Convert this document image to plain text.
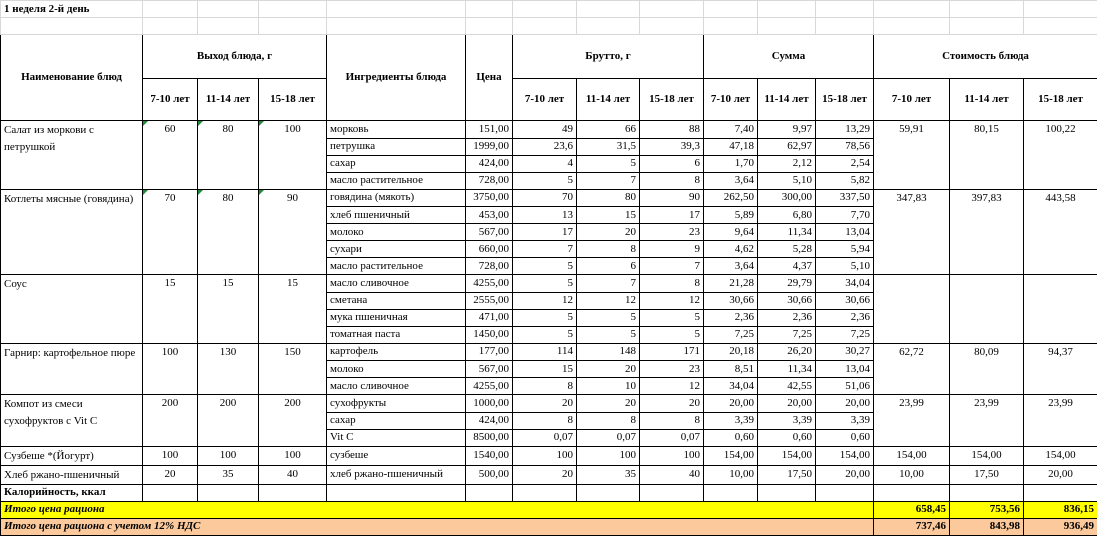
1 неделя 2-й день														

Наименование блюд	Выход блюда, г			Ингредиенты блюда	Цена	Брутто, г			Сумма			Стоимость блюда		
	7-10 лет	11-14 лет	15-18 лет			7-10 лет	11-14 лет	15-18 лет	7-10 лет	11-14 лет	15-18 лет	7-10 лет	11-14 лет	15-18 лет
Салат из моркови с петрушкой	60	80	100	морковь	151,00	49	66	88	7,40	9,97	13,29	59,91	80,15	100,22
				петрушка	1999,00	23,6	31,5	39,3	47,18	62,97	78,56			
				сахар	424,00	4	5	6	1,70	2,12	2,54			
				масло растительное	728,00	5	7	8	3,64	5,10	5,82			
Котлеты мясные (говядина)	70	80	90	говядина (мякоть)	3750,00	70	80	90	262,50	300,00	337,50	347,83	397,83	443,58
				хлеб пшеничный	453,00	13	15	17	5,89	6,80	7,70			
				молоко	567,00	17	20	23	9,64	11,34	13,04			
				сухари	660,00	7	8	9	4,62	5,28	5,94			
				масло растительное	728,00	5	6	7	3,64	4,37	5,10			
Соус	15	15	15	масло сливочное	4255,00	5	7	8	21,28	29,79	34,04			
				сметана	2555,00	12	12	12	30,66	30,66	30,66			
				мука пшеничная	471,00	5	5	5	2,36	2,36	2,36			
				томатная паста	1450,00	5	5	5	7,25	7,25	7,25			
Гарнир: картофельное пюре	100	130	150	картофель	177,00	114	148	171	20,18	26,20	30,27	62,72	80,09	94,37
				молоко	567,00	15	20	23	8,51	11,34	13,04			
				масло сливочное	4255,00	8	10	12	34,04	42,55	51,06			
Компот из смеси сухофруктов с Vit C	200	200	200	сухофрукты	1000,00	20	20	20	20,00	20,00	20,00	23,99	23,99	23,99
				сахар	424,00	8	8	8	3,39	3,39	3,39			
				Vit C	8500,00	0,07	0,07	0,07	0,60	0,60	0,60			
Сузбеше *(Йогурт)	100	100	100	сузбеше	1540,00	100	100	100	154,00	154,00	154,00	154,00	154,00	154,00
Хлеб ржано-пшеничный	20	35	40	хлеб ржано-пшеничный	500,00	20	35	40	10,00	17,50	20,00	10,00	17,50	20,00
Калорийность, ккал														
Итого цена рациона												658,45	753,56	836,15
Итого цена рациона с учетом 12% НДС												737,46	843,98	936,49
